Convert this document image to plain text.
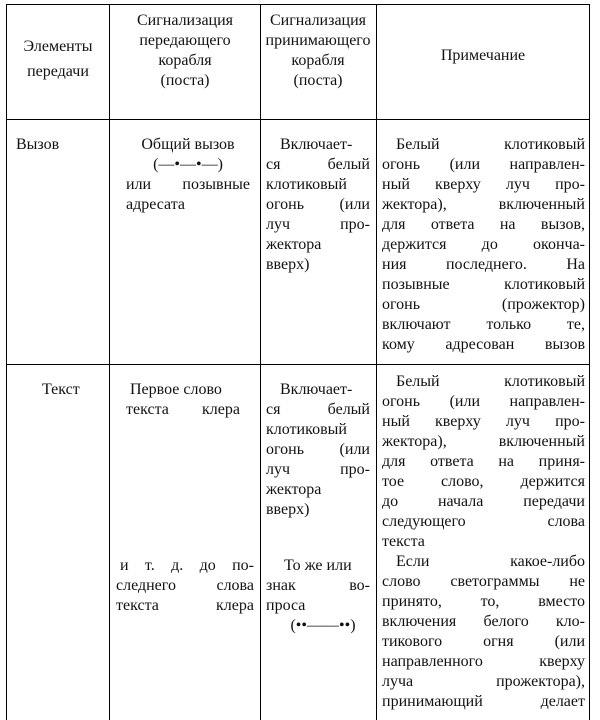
Элементы
передачи
Сигнализация
передающего
корабля
(поста)
Сигнализация
принимающего
корабля
(поста)
Примечание
Вызов	Общий вызов
(—•—•—)
или позывные
адресата
Включает-
ся белый
клотиковый
огонь (или
луч про-
жектора
вверх)
Белый клотиковый
огонь (или направлен-
ный кверху луч про-
жектора), включенный
для ответа на вызов,
держится до оконча-
ния последнего. На
позывные клотиковый
огонь (прожектор)
включают только те,
кому адресован вызов
Текст	Первое слово
текста клера
и т. д. до по-
следнего слова
текста клера
Включает-
ся белый
клотиковый
огонь (или
луч про-
жектора
вверх)
То же или
знак во-
проса
(••——••)
Белый клотиковый
огонь (или направлен-
ный кверху луч про-
жектора), включенный
для ответа на приня-
тое слово, держится
до начала передачи
следующего слова
текста
Если какое-либо
слово светограммы не
принято, то, вместо
включения белого кло-
тикового огня (или
направленного кверху
луча прожектора),
принимающий делает
